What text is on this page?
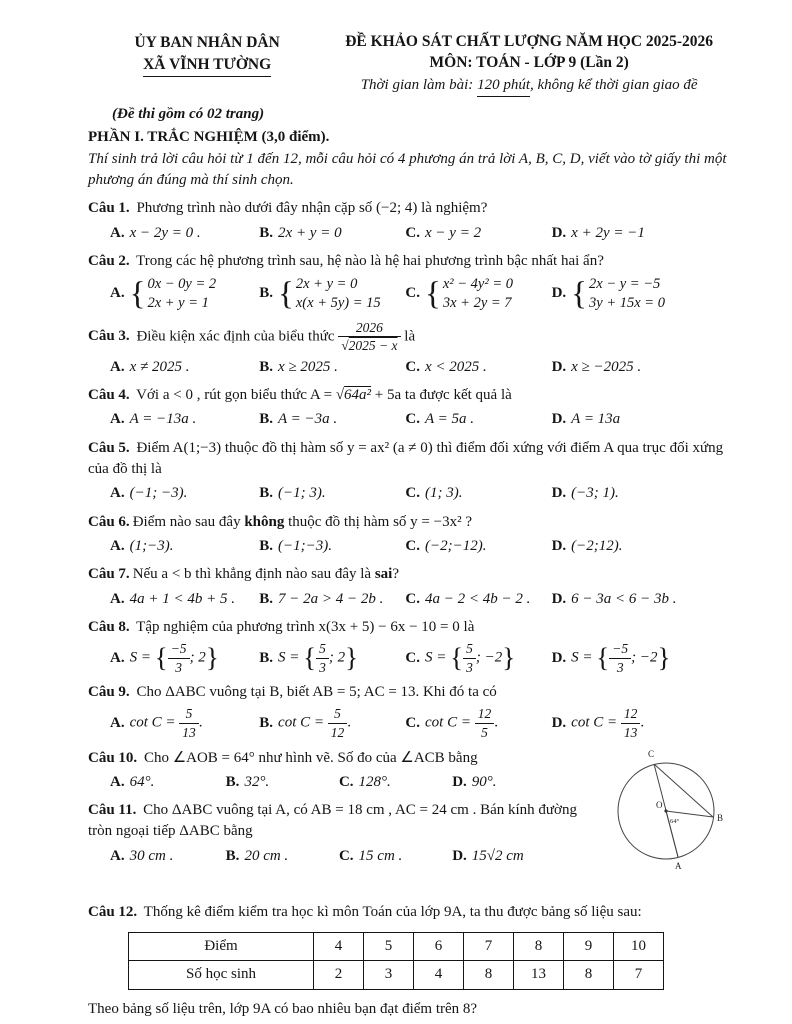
ỦY BAN NHÂN DÂN
XÃ VĨNH TƯỜNG
ĐỀ KHẢO SÁT CHẤT LƯỢNG NĂM HỌC 2025-2026
MÔN: TOÁN - LỚP 9 (Lần 2)
Thời gian làm bài: 120 phút, không kể thời gian giao đề
(Đề thi gồm có 02 trang)
PHẦN I. TRẮC NGHIỆM (3,0 điểm).
Thí sinh trả lời câu hỏi từ 1 đến 12, mỗi câu hỏi có 4 phương án trả lời A, B, C, D, viết vào tờ giấy thi một phương án đúng mà thí sinh chọn.
Câu 1. Phương trình nào dưới đây nhận cặp số (−2; 4) là nghiệm?
A. x − 2y = 0 .	B. 2x + y = 0	C. x − y = 2	D. x + 2y = −1
Câu 2. Trong các hệ phương trình sau, hệ nào là hệ hai phương trình bậc nhất hai ẩn?
A. { 0x − 0y = 2
2x + y = 1
B. { 2x + y = 0
x(x + 5y) = 15
C. { x² − 4y² = 0
3x + 2y = 7
D. { 2x − y = −5
3y + 15x = 0
Câu 3. Điều kiện xác định của biểu thức $\frac{2026}{√2025 - x}$ là
A. x ≠ 2025 .	B. x ≥ 2025 .	C. x < 2025 .	D. x ≥ −2025 .
Câu 4. Với a < 0 , rút gọn biểu thức A = √64a² + 5a ta được kết quả là
A. A = −13a .	B. A = −3a .	C. A = 5a .	D. A = 13a
Câu 5. Điểm A(1;−3) thuộc đồ thị hàm số y = ax² (a ≠ 0) thì điểm đối xứng với điểm A qua trục đối xứng của đồ thị là
A. (−1; −3).	B. (−1; 3).	C. (1; 3).	D. (−3; 1).
Câu 6. Điểm nào sau đây không thuộc đồ thị hàm số y = −3x² ?
A. (1;−3).	B. (−1;−3).	C. (−2;−12).	D. (−2;12).
Câu 7. Nếu a < b thì khẳng định nào sau đây là sai?
A. 4a + 1 < 4b + 5 .	B. 7 − 2a > 4 − 2b .	C. 4a − 2 < 4b − 2 .	D. 6 − 3a < 6 − 3b .
Câu 8. Tập nghiệm của phương trình x(3x + 5) − 6x − 10 = 0 là
A. S = { $\frac{-5}{3}$ ; 2}	B. S = { $\frac{5}{3}$ ; 2}	C. S = { $\frac{5}{3}$ ; −2}	D. S = { $\frac{-5}{3}$ ; −2}
Câu 9. Cho ΔABC vuông tại B, biết AB = 5; AC = 13. Khi đó ta có
A. $\cot C = \frac{5}{13}$ .	B. $\cot C = \frac{5}{12}$ .	C. $\cot C = \frac{12}{5}$ .	D. $\cot C = \frac{12}{13}$ .
Câu 10. Cho ∠AOB = 64° như hình vẽ. Số đo của ∠ACB bằng
A. 64°.	B. 32°.	C. 128°.	D. 90°.
Câu 11. Cho ΔABC vuông tại A, có AB = 18 cm , AC = 24 cm . Bán kính đường tròn ngoại tiếp ΔABC bằng
A. 30 cm .	B. 20 cm .	C. 15 cm .	D. 15√2 cm
C
O
B
A
64°
Câu 12. Thống kê điểm kiểm tra học kì môn Toán của lớp 9A, ta thu được bảng số liệu sau:
Điểm	4	5	6	7	8	9	10
Số học sinh	2	3	4	8	13	8	7
Theo bảng số liệu trên, lớp 9A có bao nhiêu bạn đạt điểm trên 8?
